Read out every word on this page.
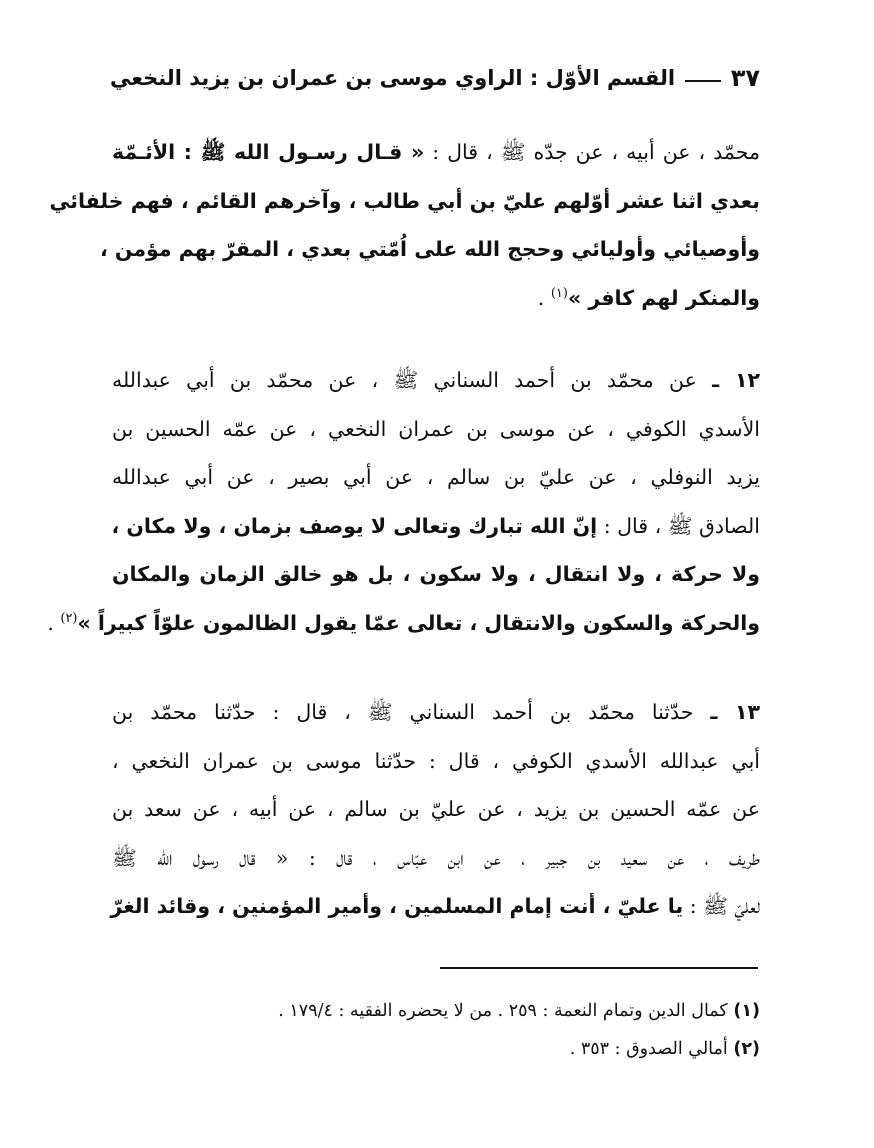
القسم الأوّل : الراوي موسى بن عمران بن يزيد النخعي ٣٧
محمّد ، عن أبيه ، عن جدّه ﷺ ، قال : « قـال رسـول الله ﷺ : الأئـمّة
بعدي اثنا عشر أوّلهم عليّ بن أبي طالب ، وآخرهم القائم ، فهم خلفائي
وأوصيائي وأوليائي وحجج الله على اُمّتي بعدي ، المقرّ بهم مؤمن ،
والمنكر لهم كافر »$^{(١)}$ .
١٢ ـ عن محمّد بن أحمد السناني ﷺ ، عن محمّد بن أبي عبدالله
الأسدي الكوفي ، عن موسى بن عمران النخعي ، عن عمّه الحسين بن
يزيد النوفلي ، عن عليّ بن سالم ، عن أبي بصير ، عن أبي عبدالله
الصادق ﷺ ، قال : إنّ الله تبارك وتعالى لا يوصف بزمان ، ولا مكان ،
ولا حركة ، ولا انتقال ، ولا سكون ، بل هو خالق الزمان والمكان
والحركة والسكون والانتقال ، تعالى عمّا يقول الظالمون علوّاً كبيراً »$^{(٢)}$ .
١٣ ـ حدّثنا محمّد بن أحمد السناني ﷺ ، قال : حدّثنا محمّد بن
أبي عبدالله الأسدي الكوفي ، قال : حدّثنا موسى بن عمران النخعي ،
عن عمّه الحسين بن يزيد ، عن عليّ بن سالم ، عن أبيه ، عن سعد بن
طريف ، عن سعيد بن جبير ، عن ابن عبّاس ، قال : « قال رسول الله ﷺ
لعليّ ﷺ : يا عليّ ، أنت إمام المسلمين ، وأمير المؤمنين ، وقائد الغرّ
(١) كمال الدين وتمام النعمة : ٢٥٩ . من لا يحضره الفقيه : ١٧٩/٤ .
(٢) أمالي الصدوق : ٣٥٣ .
